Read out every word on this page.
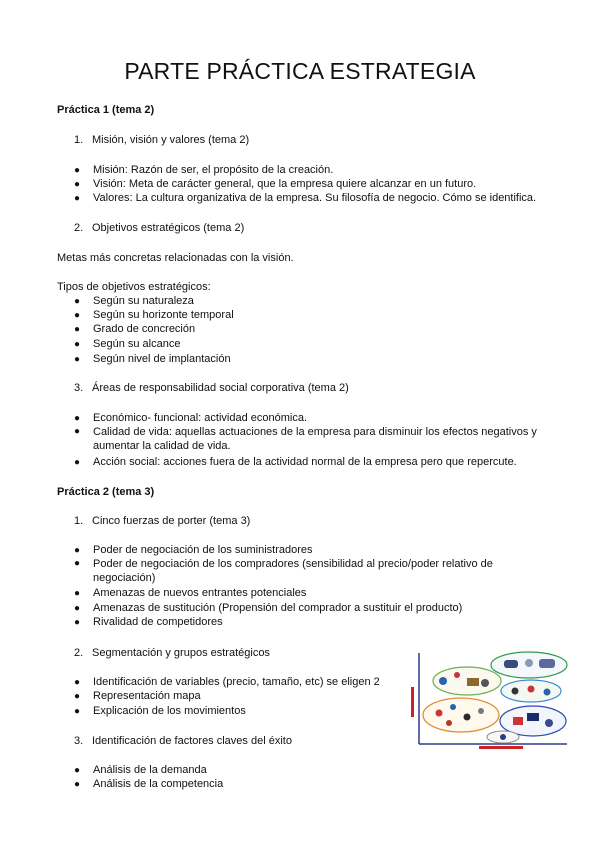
PARTE PRÁCTICA ESTRATEGIA
Práctica 1 (tema 2)
1. Misión, visión y valores (tema 2)
● Misión: Razón de ser, el propósito de la creación.
● Visión: Meta de carácter general, que la empresa quiere alcanzar en un futuro.
● Valores: La cultura organizativa de la empresa. Su filosofía de negocio. Cómo se identifica.
2. Objetivos estratégicos (tema 2)
Metas más concretas relacionadas con la visión.
Tipos de objetivos estratégicos:
● Según su naturaleza
● Según su horizonte temporal
● Grado de concreción
● Según su alcance
● Según nivel de implantación
3. Áreas de responsabilidad social corporativa (tema 2)
● Económico- funcional: actividad económica.
●	Calidad de vida: aquellas actuaciones de la empresa para disminuir los efectos negativos y aumentar la calidad de vida.
● Acción social: acciones fuera de la actividad normal de la empresa pero que repercute.
Práctica 2 (tema 3)
1. Cinco fuerzas de porter (tema 3)
● Poder de negociación de los suministradores
●	Poder de negociación de los compradores (sensibilidad al precio/poder relativo de negociación)
● Amenazas de nuevos entrantes potenciales
● Amenazas de sustitución (Propensión del comprador a sustituir el producto)
● Rivalidad de competidores
2. Segmentación y grupos estratégicos
● Identificación de variables (precio, tamaño, etc) se eligen 2
● Representación mapa
● Explicación de los movimientos
3. Identificación de factores claves del éxito
● Análisis de la demanda
● Análisis de la competencia
